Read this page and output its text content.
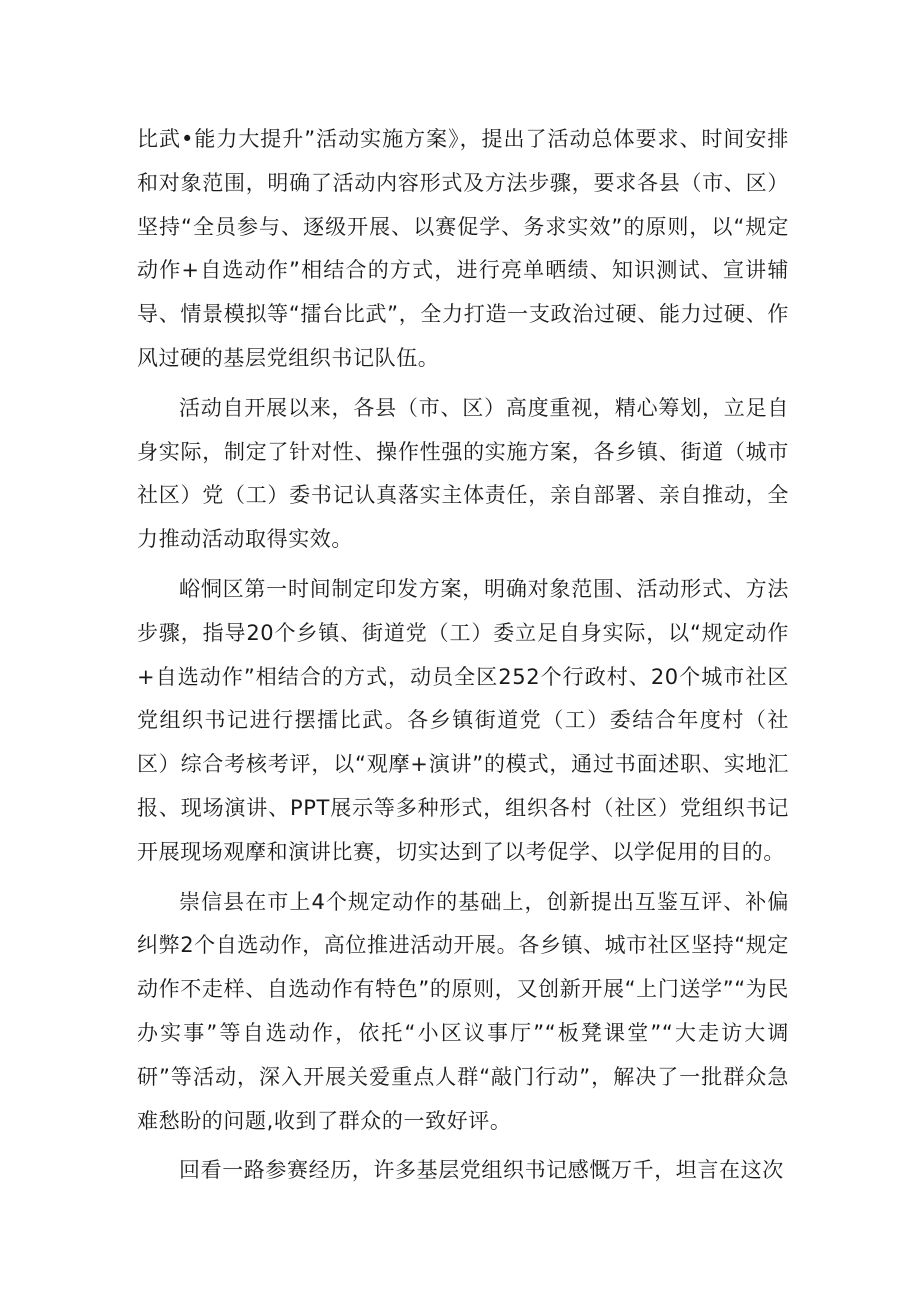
比武•能力大提升”活动实施方案》，提出了活动总体要求、时间安排和对象范围，明确了活动内容形式及方法步骤，要求各县（市、区）坚持“全员参与、逐级开展、以赛促学、务求实效”的原则，以“规定动作+自选动作”相结合的方式，进行亮单晒绩、知识测试、宣讲辅导、情景模拟等“擂台比武”，全力打造一支政治过硬、能力过硬、作风过硬的基层党组织书记队伍。

活动自开展以来，各县（市、区）高度重视，精心筹划，立足自身实际，制定了针对性、操作性强的实施方案，各乡镇、街道（城市社区）党（工）委书记认真落实主体责任，亲自部署、亲自推动，全力推动活动取得实效。

峪恫区第一时间制定印发方案，明确对象范围、活动形式、方法步骤，指导20个乡镇、街道党（工）委立足自身实际，以“规定动作+自选动作”相结合的方式，动员全区252个行政村、20个城市社区党组织书记进行摆擂比武。各乡镇街道党（工）委结合年度村（社区）综合考核考评，以“观摩+演讲”的模式，通过书面述职、实地汇报、现场演讲、PPT展示等多种形式，组织各村（社区）党组织书记开展现场观摩和演讲比赛，切实达到了以考促学、以学促用的目的。

崇信县在市上4个规定动作的基础上，创新提出互鉴互评、补偏纠弊2个自选动作，高位推进活动开展。各乡镇、城市社区坚持“规定动作不走样、自选动作有特色”的原则，又创新开展“上门送学”“为民办实事”等自选动作，依托“小区议事厅”“板凳课堂”“大走访大调研”等活动，深入开展关爱重点人群“敲门行动”，解决了一批群众急难愁盼的问题,收到了群众的一致好评。

回看一路参赛经历，许多基层党组织书记感慨万千，坦言在这次
